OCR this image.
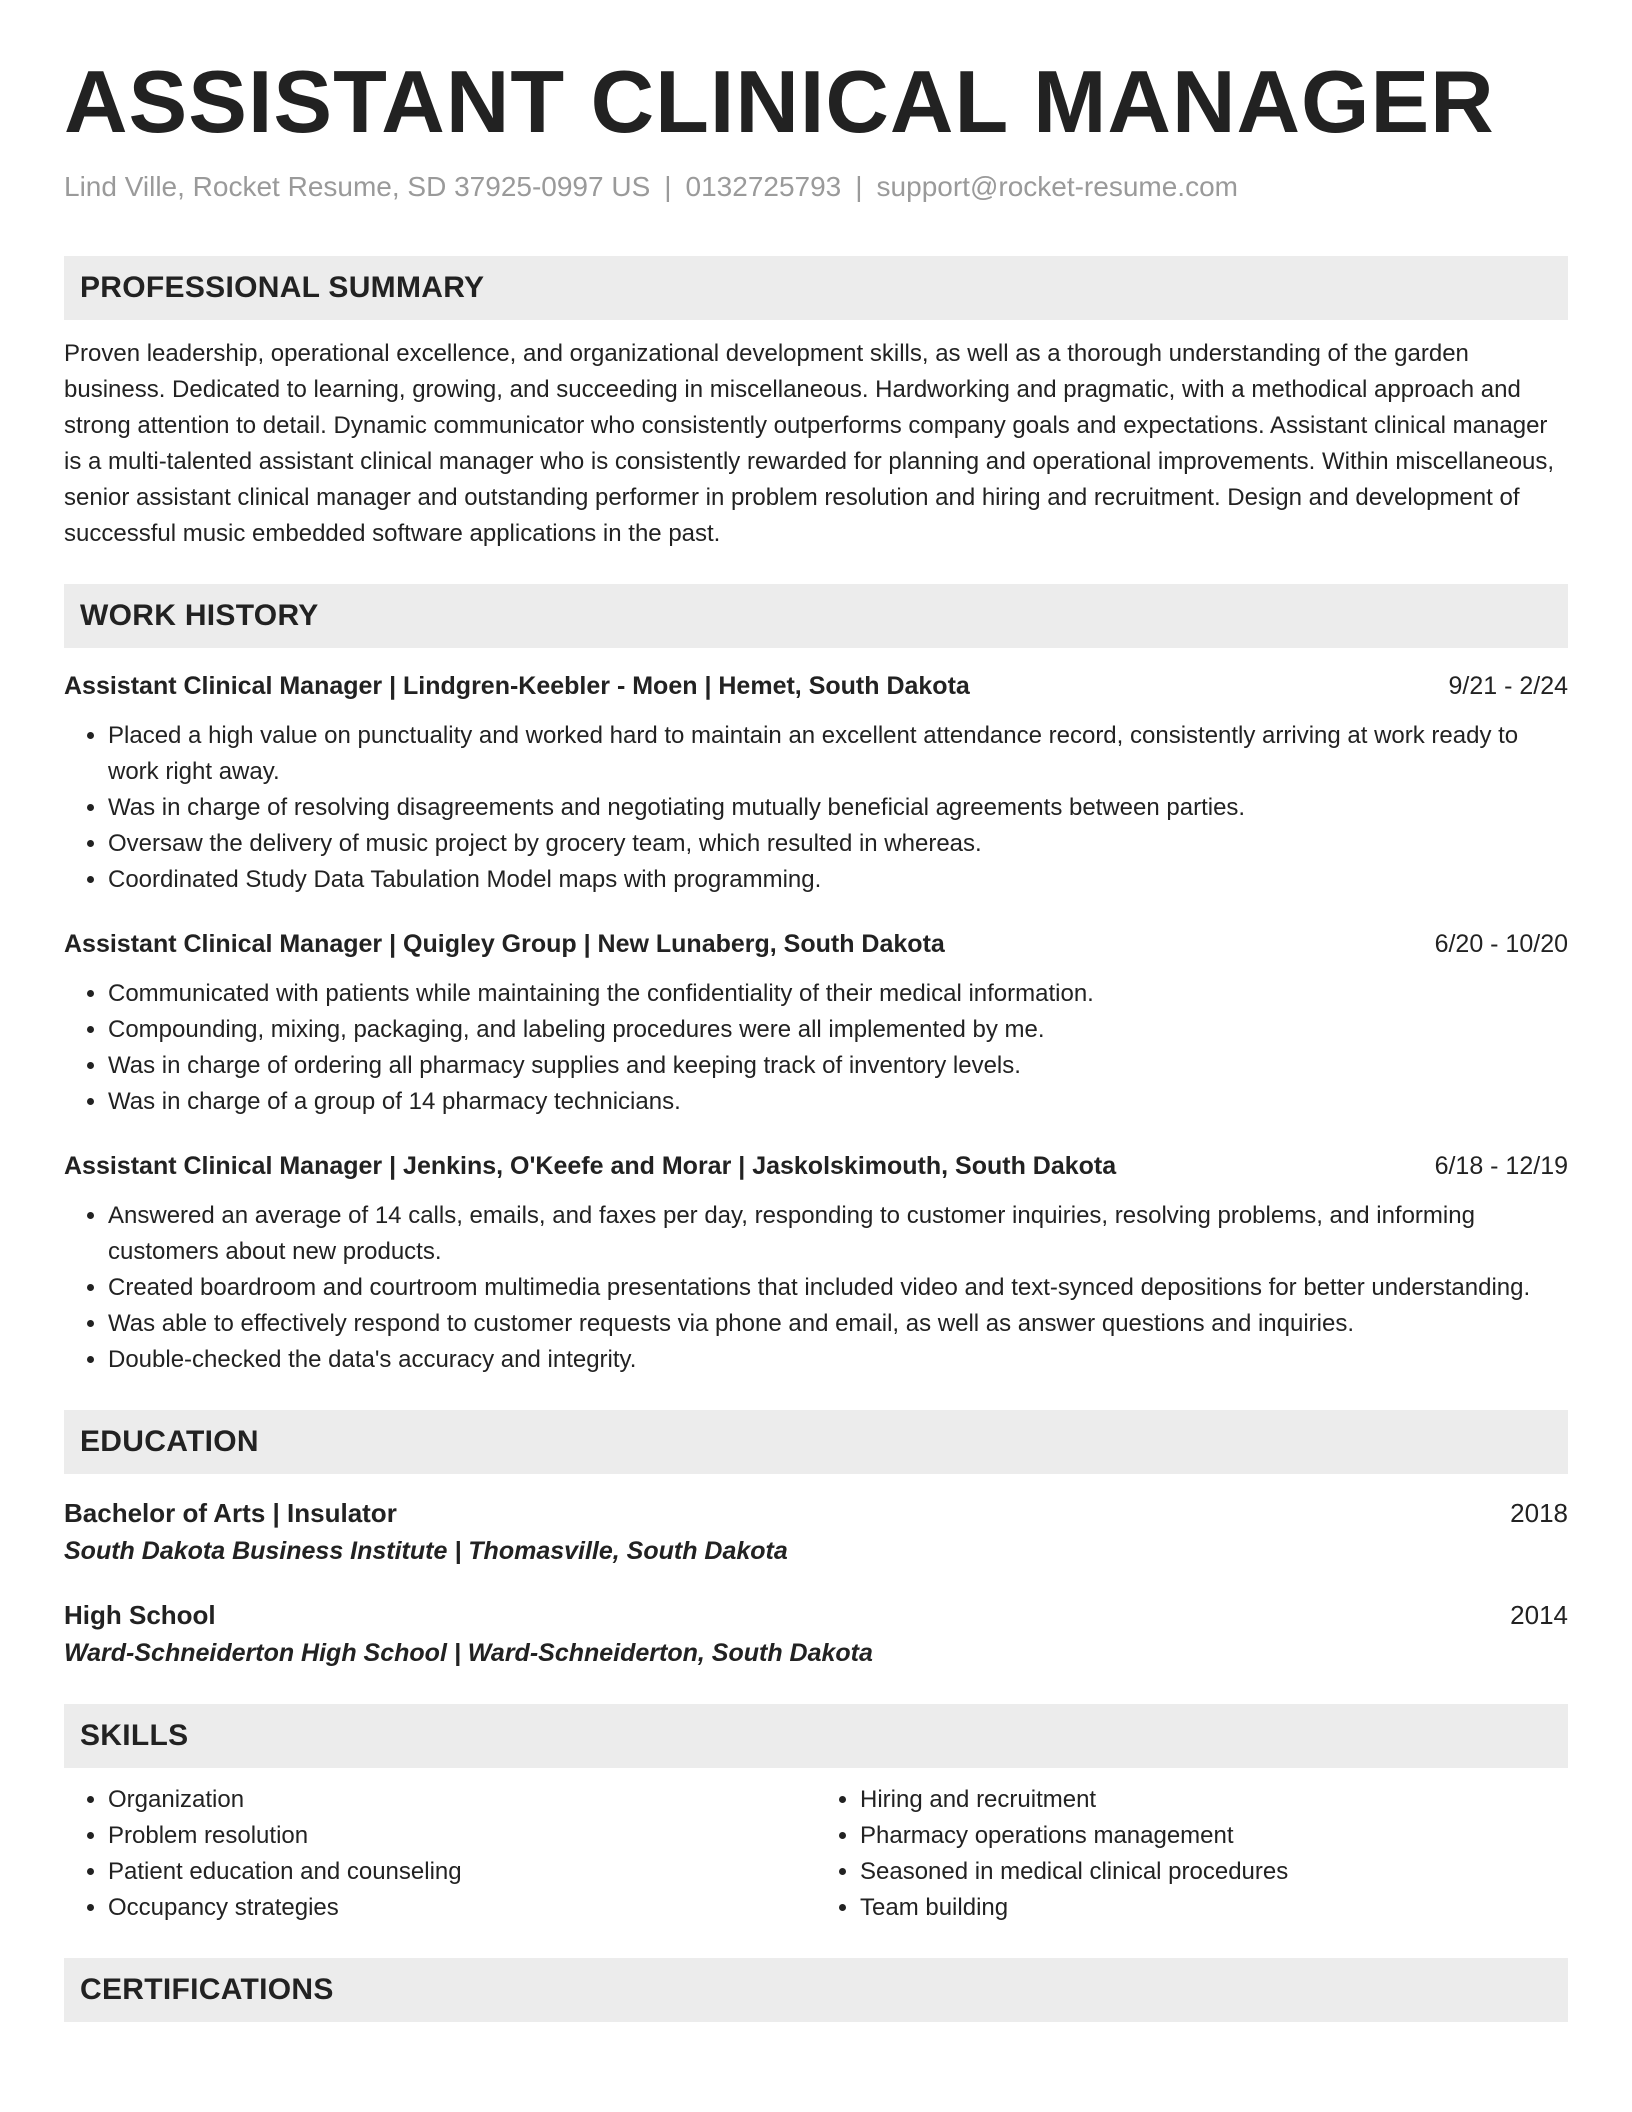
ASSISTANT CLINICAL MANAGER
Lind Ville, Rocket Resume, SD 37925-0997 US | 0132725793 | support@rocket-resume.com
PROFESSIONAL SUMMARY

Proven leadership, operational excellence, and organizational development skills, as well as a thorough understanding of the garden business. Dedicated to learning, growing, and succeeding in miscellaneous. Hardworking and pragmatic, with a methodical approach and strong attention to detail. Dynamic communicator who consistently outperforms company goals and expectations. Assistant clinical manager is a multi-talented assistant clinical manager who is consistently rewarded for planning and operational improvements. Within miscellaneous, senior assistant clinical manager and outstanding performer in problem resolution and hiring and recruitment. Design and development of successful music embedded software applications in the past.

WORK HISTORY
Assistant Clinical Manager | Lindgren-Keebler - Moen | Hemet, South Dakota	9/21 - 2/24
• Placed a high value on punctuality and worked hard to maintain an excellent attendance record, consistently arriving at work ready to work right away.
• Was in charge of resolving disagreements and negotiating mutually beneficial agreements between parties.
• Oversaw the delivery of music project by grocery team, which resulted in whereas.
• Coordinated Study Data Tabulation Model maps with programming.
Assistant Clinical Manager | Quigley Group | New Lunaberg, South Dakota	6/20 - 10/20
• Communicated with patients while maintaining the confidentiality of their medical information.
• Compounding, mixing, packaging, and labeling procedures were all implemented by me.
• Was in charge of ordering all pharmacy supplies and keeping track of inventory levels.
• Was in charge of a group of 14 pharmacy technicians.
Assistant Clinical Manager | Jenkins, O'Keefe and Morar | Jaskolskimouth, South Dakota	6/18 - 12/19
• Answered an average of 14 calls, emails, and faxes per day, responding to customer inquiries, resolving problems, and informing customers about new products.
• Created boardroom and courtroom multimedia presentations that included video and text-synced depositions for better understanding.
• Was able to effectively respond to customer requests via phone and email, as well as answer questions and inquiries.
• Double-checked the data's accuracy and integrity.
EDUCATION
Bachelor of Arts | Insulator	2018
South Dakota Business Institute | Thomasville, South Dakota
High School	2014
Ward-Schneiderton High School | Ward-Schneiderton, South Dakota
SKILLS
• Organization
• Problem resolution
• Patient education and counseling
• Occupancy strategies
• Hiring and recruitment
• Pharmacy operations management
• Seasoned in medical clinical procedures
• Team building
CERTIFICATIONS
